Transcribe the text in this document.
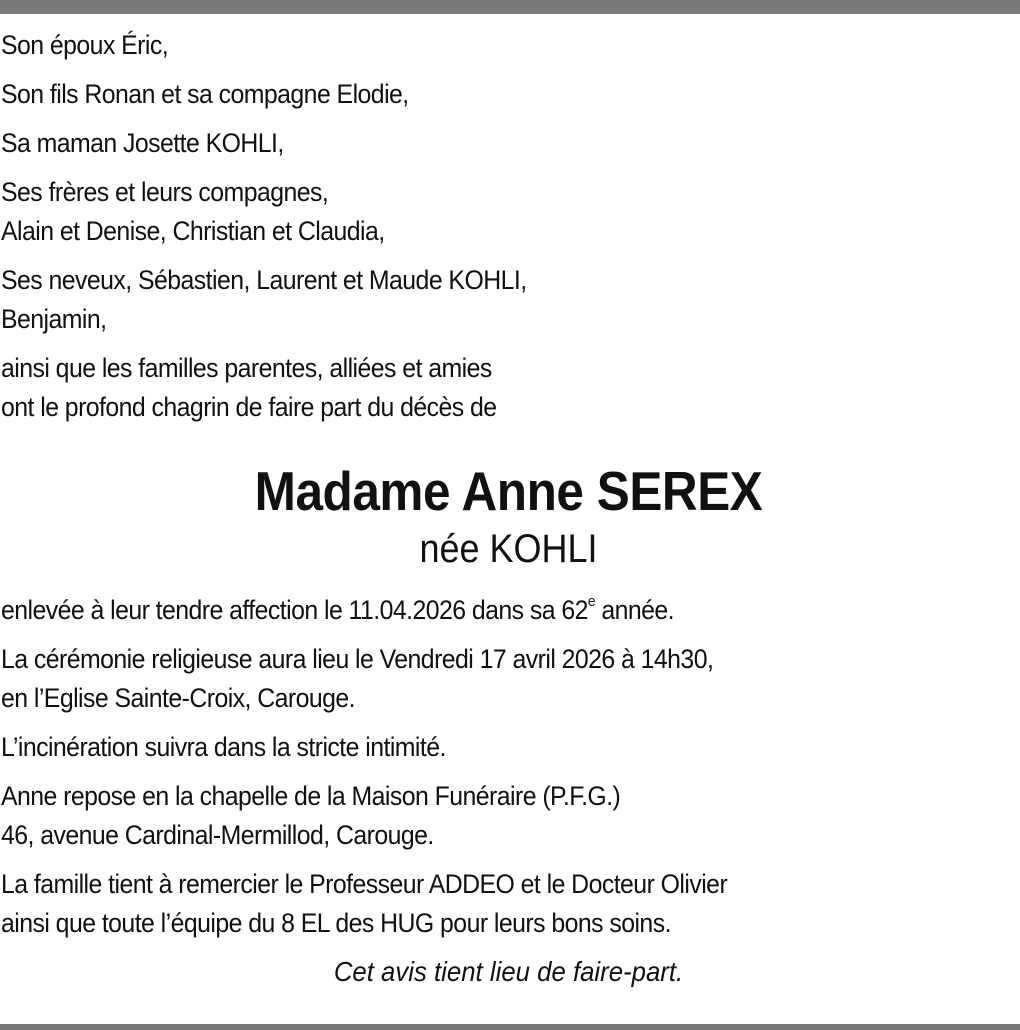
Son époux Éric,

Son fils Ronan et sa compagne Elodie,

Sa maman Josette KOHLI,

Ses frères et leurs compagnes,
Alain et Denise, Christian et Claudia,

Ses neveux, Sébastien, Laurent et Maude KOHLI,
Benjamin,

ainsi que les familles parentes, alliées et amies
ont le profond chagrin de faire part du décès de

Madame Anne SEREX
née KOHLI

enlevée à leur tendre affection le 11.04.2026 dans sa 62e année.

La cérémonie religieuse aura lieu le Vendredi 17 avril 2026 à 14h30,
en l’Eglise Sainte-Croix, Carouge.

L’incinération suivra dans la stricte intimité.

Anne repose en la chapelle de la Maison Funéraire (P.F.G.)
46, avenue Cardinal-Mermillod, Carouge.

La famille tient à remercier le Professeur ADDEO et le Docteur Olivier
ainsi que toute l’équipe du 8 EL des HUG pour leurs bons soins.

Cet avis tient lieu de faire-part.
